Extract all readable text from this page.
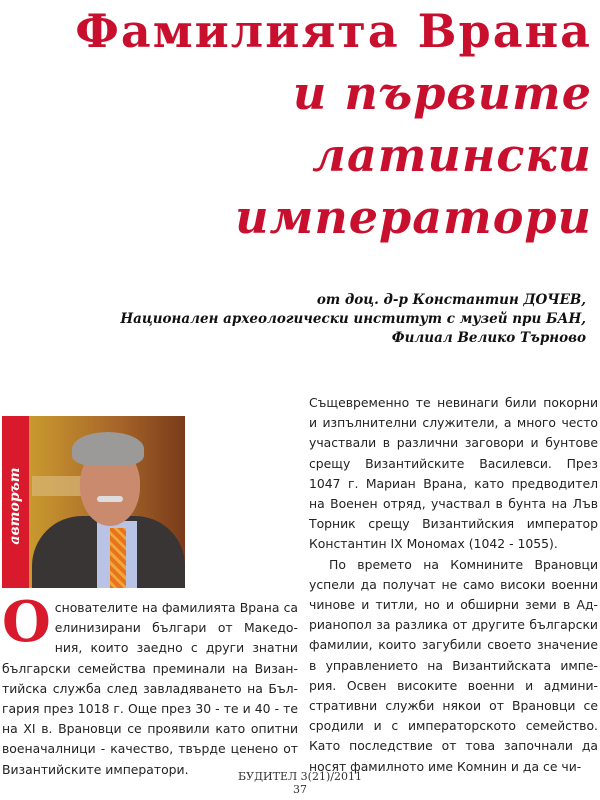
Фамилията Врана
и първите
латински
императори
от доц. д-р Константин ДОЧЕВ,
Национален археологически институт с музей при БАН,
Филиал Велико Търново
авторът

Основателите на фамилията Врана са елинизирани българи от Македония, които заедно с други знатни български семейства преминали на Византийска служба след завладяването на България през 1018 г. Още през 30 - те и 40 - те на XI в. Врановци се проявили като опитни военачалници - качество, твърде ценено от Византийските императори.

Същевременно те невинаги били покорни и изпълнителни служители, а много често участвали в различни заговори и бунтове срещу Византийските Василевси. През 1047 г. Мариан Врана, като предводител на Военен отряд, участвал в бунта на Лъв Торник срещу Византийския император Константин IX Мономах (1042 - 1055).

По времето на Комнините Врановци успели да получат не само високи военни чинове и титли, но и обширни земи в Адрианопол за разлика от другите български фамилии, които загубили своето значение в управлението на Византийската империя. Освен високите военни и административни служби някои от Врановци се сродили и с императорското семейство. Като последствие от това започнали да носят фамилното име Комнин и да се чи-

БУДИТЕЛ 3(21)/2011
37
